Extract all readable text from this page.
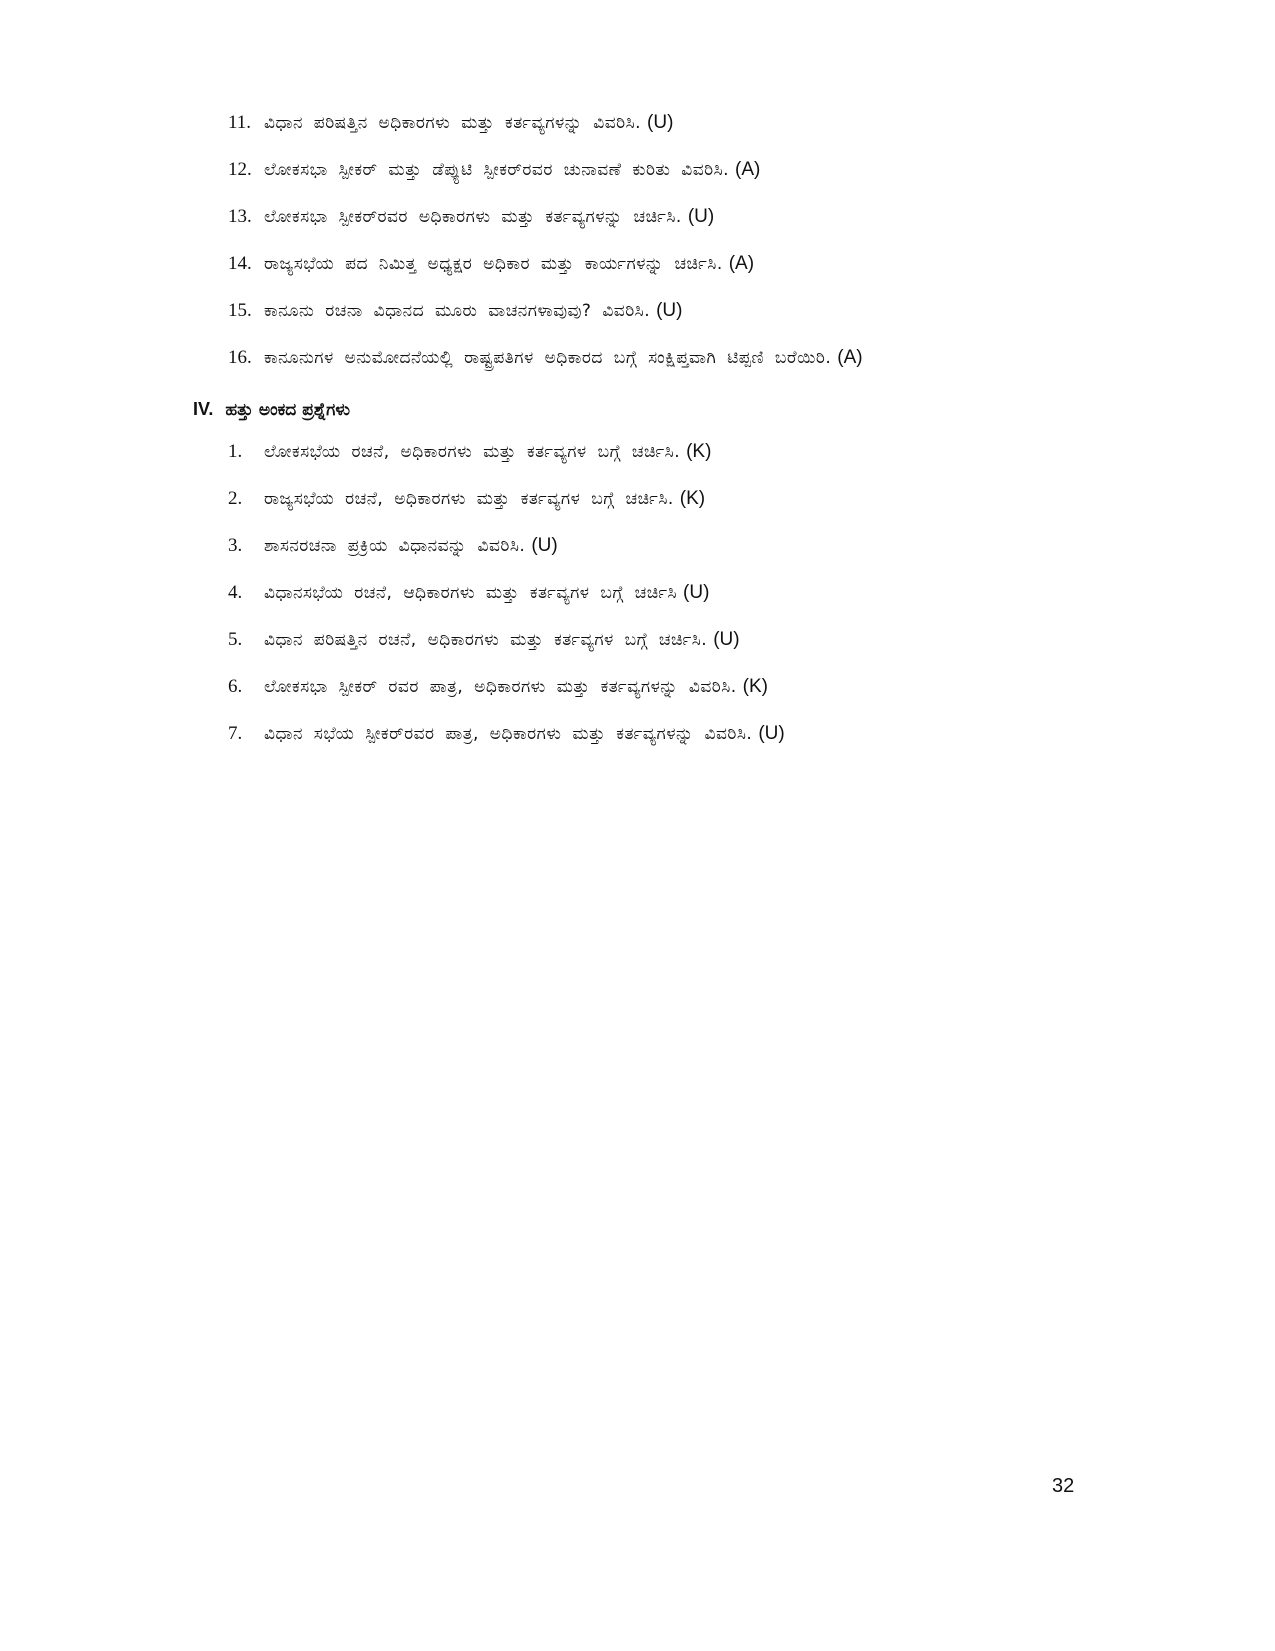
11. ವಿಧಾನ ಪರಿಷತ್ತಿನ ಅಧಿಕಾರಗಳು ಮತ್ತು ಕರ್ತವ್ಯಗಳನ್ನು ವಿವರಿಸಿ. (U)
12. ಲೋಕಸಭಾ ಸ್ಪೀಕರ್ ಮತ್ತು ಡೆಪ್ಯುಟಿ ಸ್ಪೀಕರ್‌ರವರ ಚುನಾವಣೆ ಕುರಿತು ವಿವರಿಸಿ. (A)
13. ಲೋಕಸಭಾ ಸ್ಪೀಕರ್‌ರವರ ಅಧಿಕಾರಗಳು ಮತ್ತು ಕರ್ತವ್ಯಗಳನ್ನು ಚರ್ಚಿಸಿ. (U)
14. ರಾಜ್ಯಸಭೆಯ ಪದ ನಿಮಿತ್ತ ಅಧ್ಯಕ್ಷರ ಅಧಿಕಾರ ಮತ್ತು ಕಾರ್ಯಗಳನ್ನು ಚರ್ಚಿಸಿ. (A)
15. ಕಾನೂನು ರಚನಾ ವಿಧಾನದ ಮೂರು ವಾಚನಗಳಾವುವು? ವಿವರಿಸಿ. (U)
16. ಕಾನೂನುಗಳ ಅನುಮೋದನೆಯಲ್ಲಿ ರಾಷ್ಟ್ರಪತಿಗಳ ಅಧಿಕಾರದ ಬಗ್ಗೆ ಸಂಕ್ಷಿಪ್ತವಾಗಿ ಟಿಪ್ಪಣಿ ಬರೆಯಿರಿ. (A)
IV. ಹತ್ತು ಅಂಕದ ಪ್ರಶ್ನೆಗಳು
1.	ಲೋಕಸಭೆಯ ರಚನೆ, ಅಧಿಕಾರಗಳು ಮತ್ತು ಕರ್ತವ್ಯಗಳ ಬಗ್ಗೆ ಚರ್ಚಿಸಿ. (K)
2.	ರಾಜ್ಯಸಭೆಯ ರಚನೆ, ಅಧಿಕಾರಗಳು ಮತ್ತು ಕರ್ತವ್ಯಗಳ ಬಗ್ಗೆ ಚರ್ಚಿಸಿ. (K)
3.	ಶಾಸನರಚನಾ ಪ್ರಕ್ರಿಯ ವಿಧಾನವನ್ನು ವಿವರಿಸಿ. (U)
4.	ವಿಧಾನಸಭೆಯ ರಚನೆ, ಆಧಿಕಾರಗಳು ಮತ್ತು ಕರ್ತವ್ಯಗಳ ಬಗ್ಗೆ ಚರ್ಚಿಸಿ (U)
5.	ವಿಧಾನ ಪರಿಷತ್ತಿನ ರಚನೆ, ಅಧಿಕಾರಗಳು ಮತ್ತು ಕರ್ತವ್ಯಗಳ ಬಗ್ಗೆ ಚರ್ಚಿಸಿ. (U)
6.	ಲೋಕಸಭಾ ಸ್ಪೀಕರ್ ರವರ ಪಾತ್ರ, ಅಧಿಕಾರಗಳು ಮತ್ತು ಕರ್ತವ್ಯಗಳನ್ನು ವಿವರಿಸಿ. (K)
7.	ವಿಧಾನ ಸಭೆಯ ಸ್ಪೀಕರ್‌ರವರ ಪಾತ್ರ, ಅಧಿಕಾರಗಳು ಮತ್ತು ಕರ್ತವ್ಯಗಳನ್ನು ವಿವರಿಸಿ. (U)
32
